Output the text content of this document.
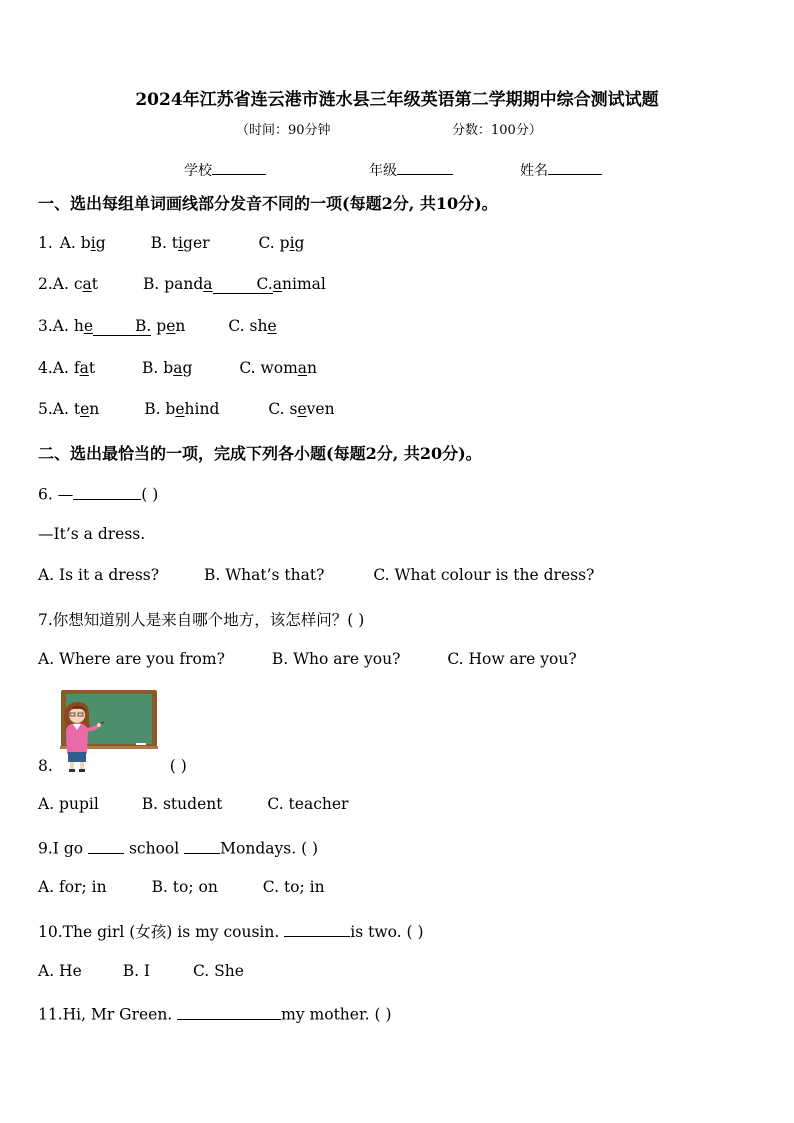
2024年江苏省连云港市涟水县三年级英语第二学期期中综合测试试题
（时间：90分钟	分数：100分）
学校	年级	姓名
一、选出每组单词画线部分发音不同的一项(每题2分, 共10分)。
1. A. big	B. tiger	C. pig
2.A. cat	B. panda	C.animal
3.A. he	B. pen	C. she
4.A. fat	B. bag	C. woman
5.A. ten	B. behind	C. seven
二、选出最恰当的一项，完成下列各小题(每题2分, 共20分)。
6. —	( )
—It’s a dress.
A. Is it a dress?	B. What’s that?	C. What colour is the dress?
7.你想知道别人是来自哪个地方，该怎样问？( )
A. Where are you from?	B. Who are you?	C. How are you?
8.	( )
A. pupil	B. student	C. teacher
9.I go	school	Mondays. ( )
A. for; in	B. to; on	C. to; in
10.The girl (女孩) is my cousin.	is two. ( )
A. He	B. I	C. She
11.Hi, Mr Green.	my mother. ( )
